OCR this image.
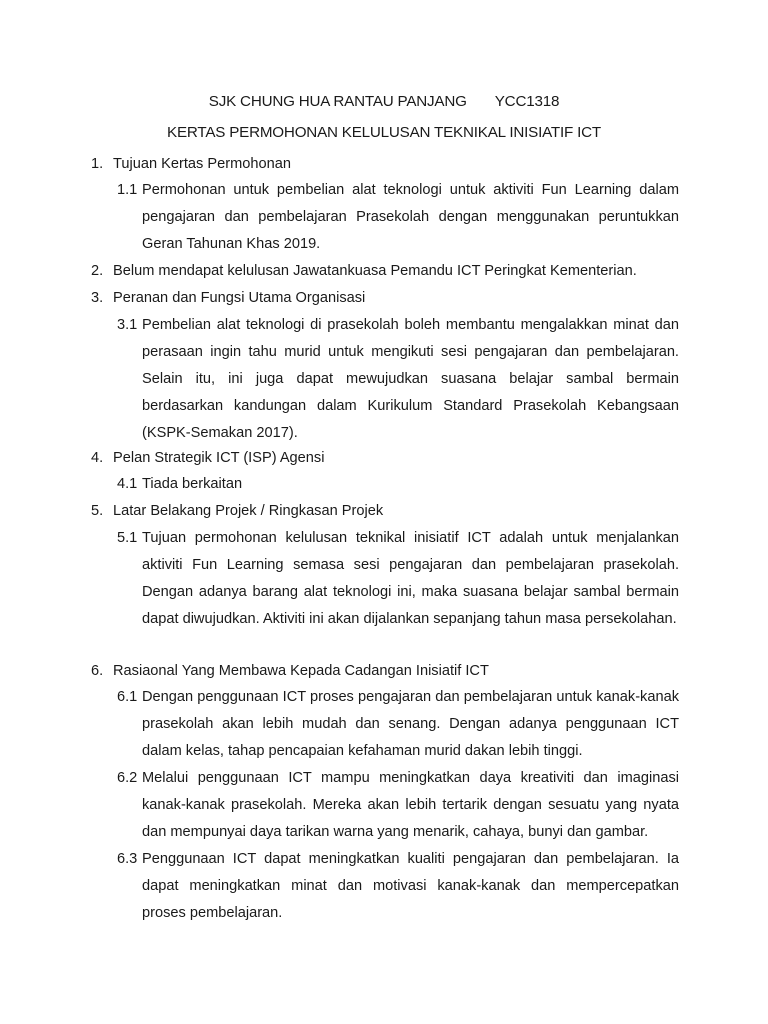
SJK CHUNG HUA RANTAU PANJANG YCC1318
KERTAS PERMOHONAN KELULUSAN TEKNIKAL INISIATIF ICT
1. Tujuan Kertas Permohonan
1.1 Permohonan untuk pembelian alat teknologi untuk aktiviti Fun Learning dalam pengajaran dan pembelajaran Prasekolah dengan menggunakan peruntukkan Geran Tahunan Khas 2019.
2. Belum mendapat kelulusan Jawatankuasa Pemandu ICT Peringkat Kementerian.
3. Peranan dan Fungsi Utama Organisasi
3.1 Pembelian alat teknologi di prasekolah boleh membantu mengalakkan minat dan perasaan ingin tahu murid untuk mengikuti sesi pengajaran dan pembelajaran. Selain itu, ini juga dapat mewujudkan suasana belajar sambal bermain berdasarkan kandungan dalam Kurikulum Standard Prasekolah Kebangsaan (KSPK-Semakan 2017).
4. Pelan Strategik ICT (ISP) Agensi
4.1 Tiada berkaitan
5. Latar Belakang Projek / Ringkasan Projek
5.1 Tujuan permohonan kelulusan teknikal inisiatif ICT adalah untuk menjalankan aktiviti Fun Learning semasa sesi pengajaran dan pembelajaran prasekolah. Dengan adanya barang alat teknologi ini, maka suasana belajar sambal bermain dapat diwujudkan. Aktiviti ini akan dijalankan sepanjang tahun masa persekolahan.
6. Rasiaonal Yang Membawa Kepada Cadangan Inisiatif ICT
6.1 Dengan penggunaan ICT proses pengajaran dan pembelajaran untuk kanak-kanak prasekolah akan lebih mudah dan senang. Dengan adanya penggunaan ICT dalam kelas, tahap pencapaian kefahaman murid dakan lebih tinggi.
6.2 Melalui penggunaan ICT mampu meningkatkan daya kreativiti dan imaginasi kanak-kanak prasekolah. Mereka akan lebih tertarik dengan sesuatu yang nyata dan mempunyai daya tarikan warna yang menarik, cahaya, bunyi dan gambar.
6.3 Penggunaan ICT dapat meningkatkan kualiti pengajaran dan pembelajaran. Ia dapat meningkatkan minat dan motivasi kanak-kanak dan mempercepatkan proses pembelajaran.
